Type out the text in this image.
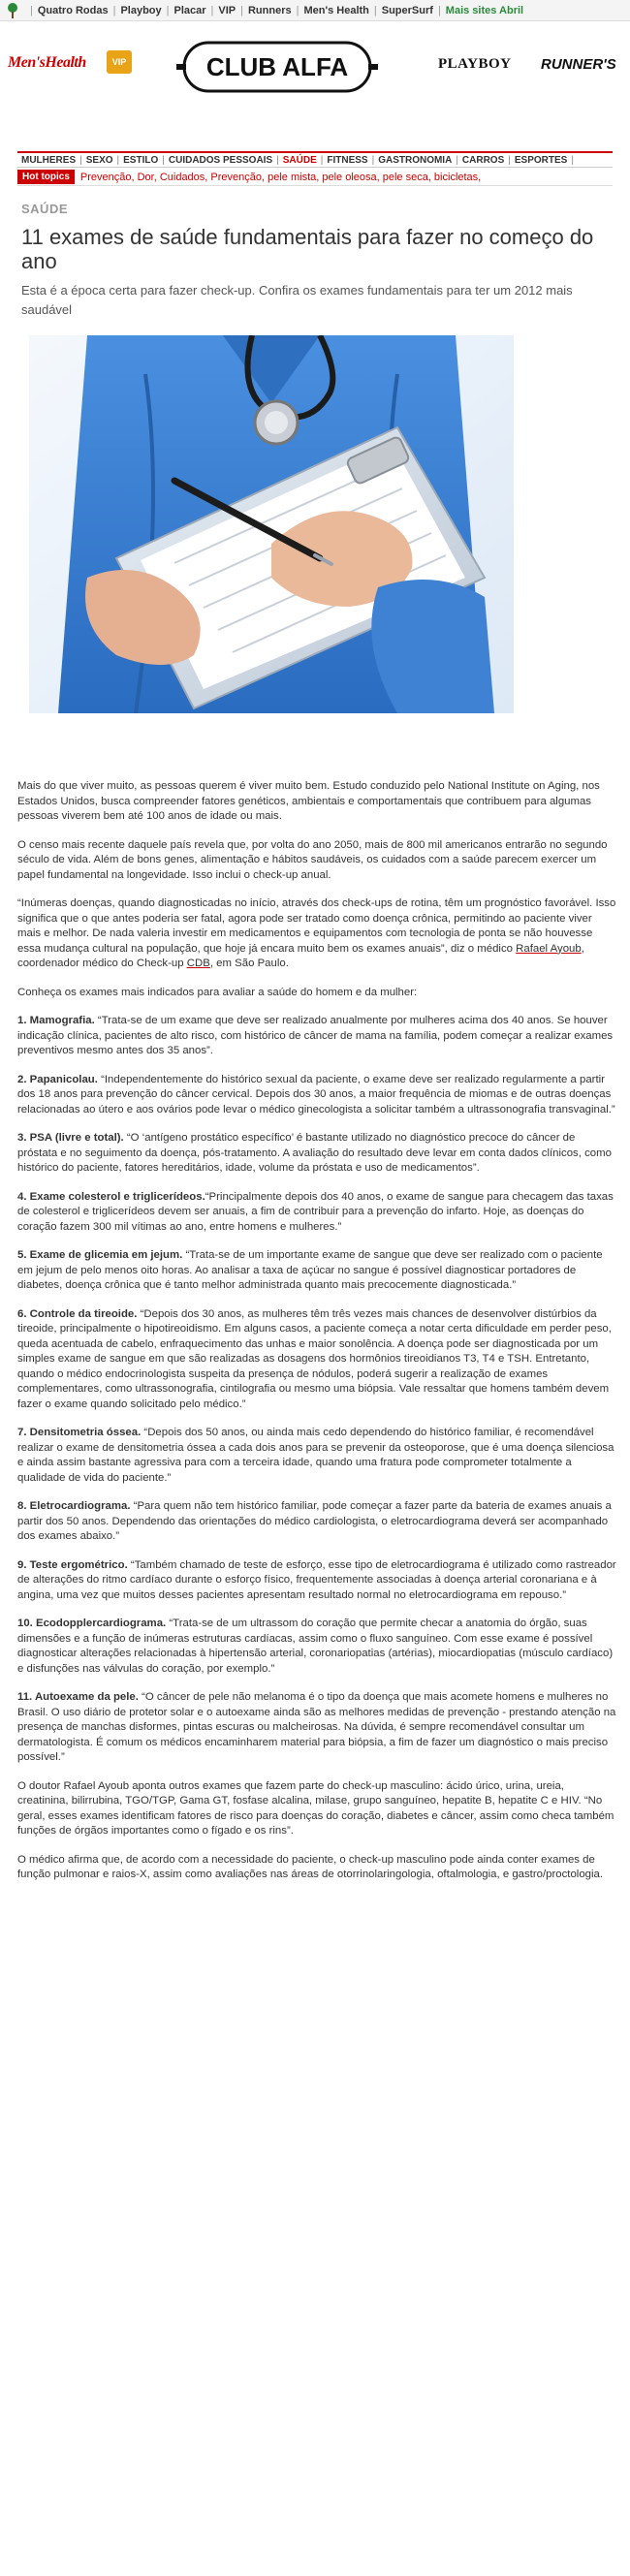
| Quatro Rodas | Playboy | Placar | VIP | Runners | Men's Health | SuperSurf | Mais sites Abril
Men'sHealth	VIP	CLUB ALFA	PLAYBOY RUNNER'S
MULHERES | SEXO | ESTILO | CUIDADOS PESSOAIS | SAÚDE | FITNESS | GASTRONOMIA | CARROS | ESPORTES |
Hot topics	Prevenção, Dor, Cuidados, Prevenção, pele mista, pele oleosa, pele seca, bicicletas,
SAÚDE
11 exames de saúde fundamentais para fazer no começo do ano
Esta é a época certa para fazer check-up. Confira os exames fundamentais para ter um 2012 mais saudável

Mais do que viver muito, as pessoas querem é viver muito bem. Estudo conduzido pelo National Institute on Aging, nos Estados Unidos, busca compreender fatores genéticos, ambientais e comportamentais que contribuem para algumas pessoas viverem bem até 100 anos de idade ou mais.

O censo mais recente daquele país revela que, por volta do ano 2050, mais de 800 mil americanos entrarão no segundo século de vida. Além de bons genes, alimentação e hábitos saudáveis, os cuidados com a saúde parecem exercer um papel fundamental na longevidade. Isso inclui o check-up anual.

“Inúmeras doenças, quando diagnosticadas no início, através dos check-ups de rotina, têm um prognóstico favorável. Isso significa que o que antes poderia ser fatal, agora pode ser tratado como doença crônica, permitindo ao paciente viver mais e melhor. De nada valeria investir em medicamentos e equipamentos com tecnologia de ponta se não houvesse essa mudança cultural na população, que hoje já encara muito bem os exames anuais”, diz o médico Rafael Ayoub, coordenador médico do Check-up CDB, em São Paulo.

Conheça os exames mais indicados para avaliar a saúde do homem e da mulher:

1. Mamografia. “Trata-se de um exame que deve ser realizado anualmente por mulheres acima dos 40 anos. Se houver indicação clínica, pacientes de alto risco, com histórico de câncer de mama na família, podem começar a realizar exames preventivos mesmo antes dos 35 anos”.

2. Papanicolau. “Independentemente do histórico sexual da paciente, o exame deve ser realizado regularmente a partir dos 18 anos para prevenção do câncer cervical. Depois dos 30 anos, a maior frequência de miomas e de outras doenças relacionadas ao útero e aos ovários pode levar o médico ginecologista a solicitar também a ultrassonografia transvaginal.”

3. PSA (livre e total). “O ‘antígeno prostático específico’ é bastante utilizado no diagnóstico precoce do câncer de próstata e no seguimento da doença, pós-tratamento. A avaliação do resultado deve levar em conta dados clínicos, como histórico do paciente, fatores hereditários, idade, volume da próstata e uso de medicamentos”.

4. Exame colesterol e triglicerídeos.“Principalmente depois dos 40 anos, o exame de sangue para checagem das taxas de colesterol e triglicerídeos devem ser anuais, a fim de contribuir para a prevenção do infarto. Hoje, as doenças do coração fazem 300 mil vítimas ao ano, entre homens e mulheres.”

5. Exame de glicemia em jejum. “Trata-se de um importante exame de sangue que deve ser realizado com o paciente em jejum de pelo menos oito horas. Ao analisar a taxa de açúcar no sangue é possível diagnosticar portadores de diabetes, doença crônica que é tanto melhor administrada quanto mais precocemente diagnosticada.”

6. Controle da tireoide. “Depois dos 30 anos, as mulheres têm três vezes mais chances de desenvolver distúrbios da tireoide, principalmente o hipotireoidismo. Em alguns casos, a paciente começa a notar certa dificuldade em perder peso, queda acentuada de cabelo, enfraquecimento das unhas e maior sonolência. A doença pode ser diagnosticada por um simples exame de sangue em que são realizadas as dosagens dos hormônios tireoidianos T3, T4 e TSH. Entretanto, quando o médico endocrinologista suspeita da presença de nódulos, poderá sugerir a realização de exames complementares, como ultrassonografia, cintilografia ou mesmo uma biópsia. Vale ressaltar que homens também devem fazer o exame quando solicitado pelo médico.”

7. Densitometria óssea. “Depois dos 50 anos, ou ainda mais cedo dependendo do histórico familiar, é recomendável realizar o exame de densitometria óssea a cada dois anos para se prevenir da osteoporose, que é uma doença silenciosa e ainda assim bastante agressiva para com a terceira idade, quando uma fratura pode comprometer totalmente a qualidade de vida do paciente.”

8. Eletrocardiograma. “Para quem não tem histórico familiar, pode começar a fazer parte da bateria de exames anuais a partir dos 50 anos. Dependendo das orientações do médico cardiologista, o eletrocardiograma deverá ser acompanhado dos exames abaixo.”

9. Teste ergométrico. “Também chamado de teste de esforço, esse tipo de eletrocardiograma é utilizado como rastreador de alterações do ritmo cardíaco durante o esforço físico, frequentemente associadas à doença arterial coronariana e à angina, uma vez que muitos desses pacientes apresentam resultado normal no eletrocardiograma em repouso.”

10. Ecodopplercardiograma. “Trata-se de um ultrassom do coração que permite checar a anatomia do órgão, suas dimensões e a função de inúmeras estruturas cardíacas, assim como o fluxo sanguíneo. Com esse exame é possível diagnosticar alterações relacionadas à hipertensão arterial, coronariopatias (artérias), miocardiopatias (músculo cardíaco) e disfunções nas válvulas do coração, por exemplo.”

11. Autoexame da pele. “O câncer de pele não melanoma é o tipo da doença que mais acomete homens e mulheres no Brasil. O uso diário de protetor solar e o autoexame ainda são as melhores medidas de prevenção - prestando atenção na presença de manchas disformes, pintas escuras ou malcheirosas. Na dúvida, é sempre recomendável consultar um dermatologista. É comum os médicos encaminharem material para biópsia, a fim de fazer um diagnóstico o mais preciso possível.”

O doutor Rafael Ayoub aponta outros exames que fazem parte do check-up masculino: ácido úrico, urina, ureia, creatinina, bilirrubina, TGO/TGP, Gama GT, fosfase alcalina, milase, grupo sanguíneo, hepatite B, hepatite C e HIV. “No geral, esses exames identificam fatores de risco para doenças do coração, diabetes e câncer, assim como checa também funções de órgãos importantes como o fígado e os rins”.

O médico afirma que, de acordo com a necessidade do paciente, o check-up masculino pode ainda conter exames de função pulmonar e raios-X, assim como avaliações nas áreas de otorrinolaringologia, oftalmologia, e gastro/proctologia.
